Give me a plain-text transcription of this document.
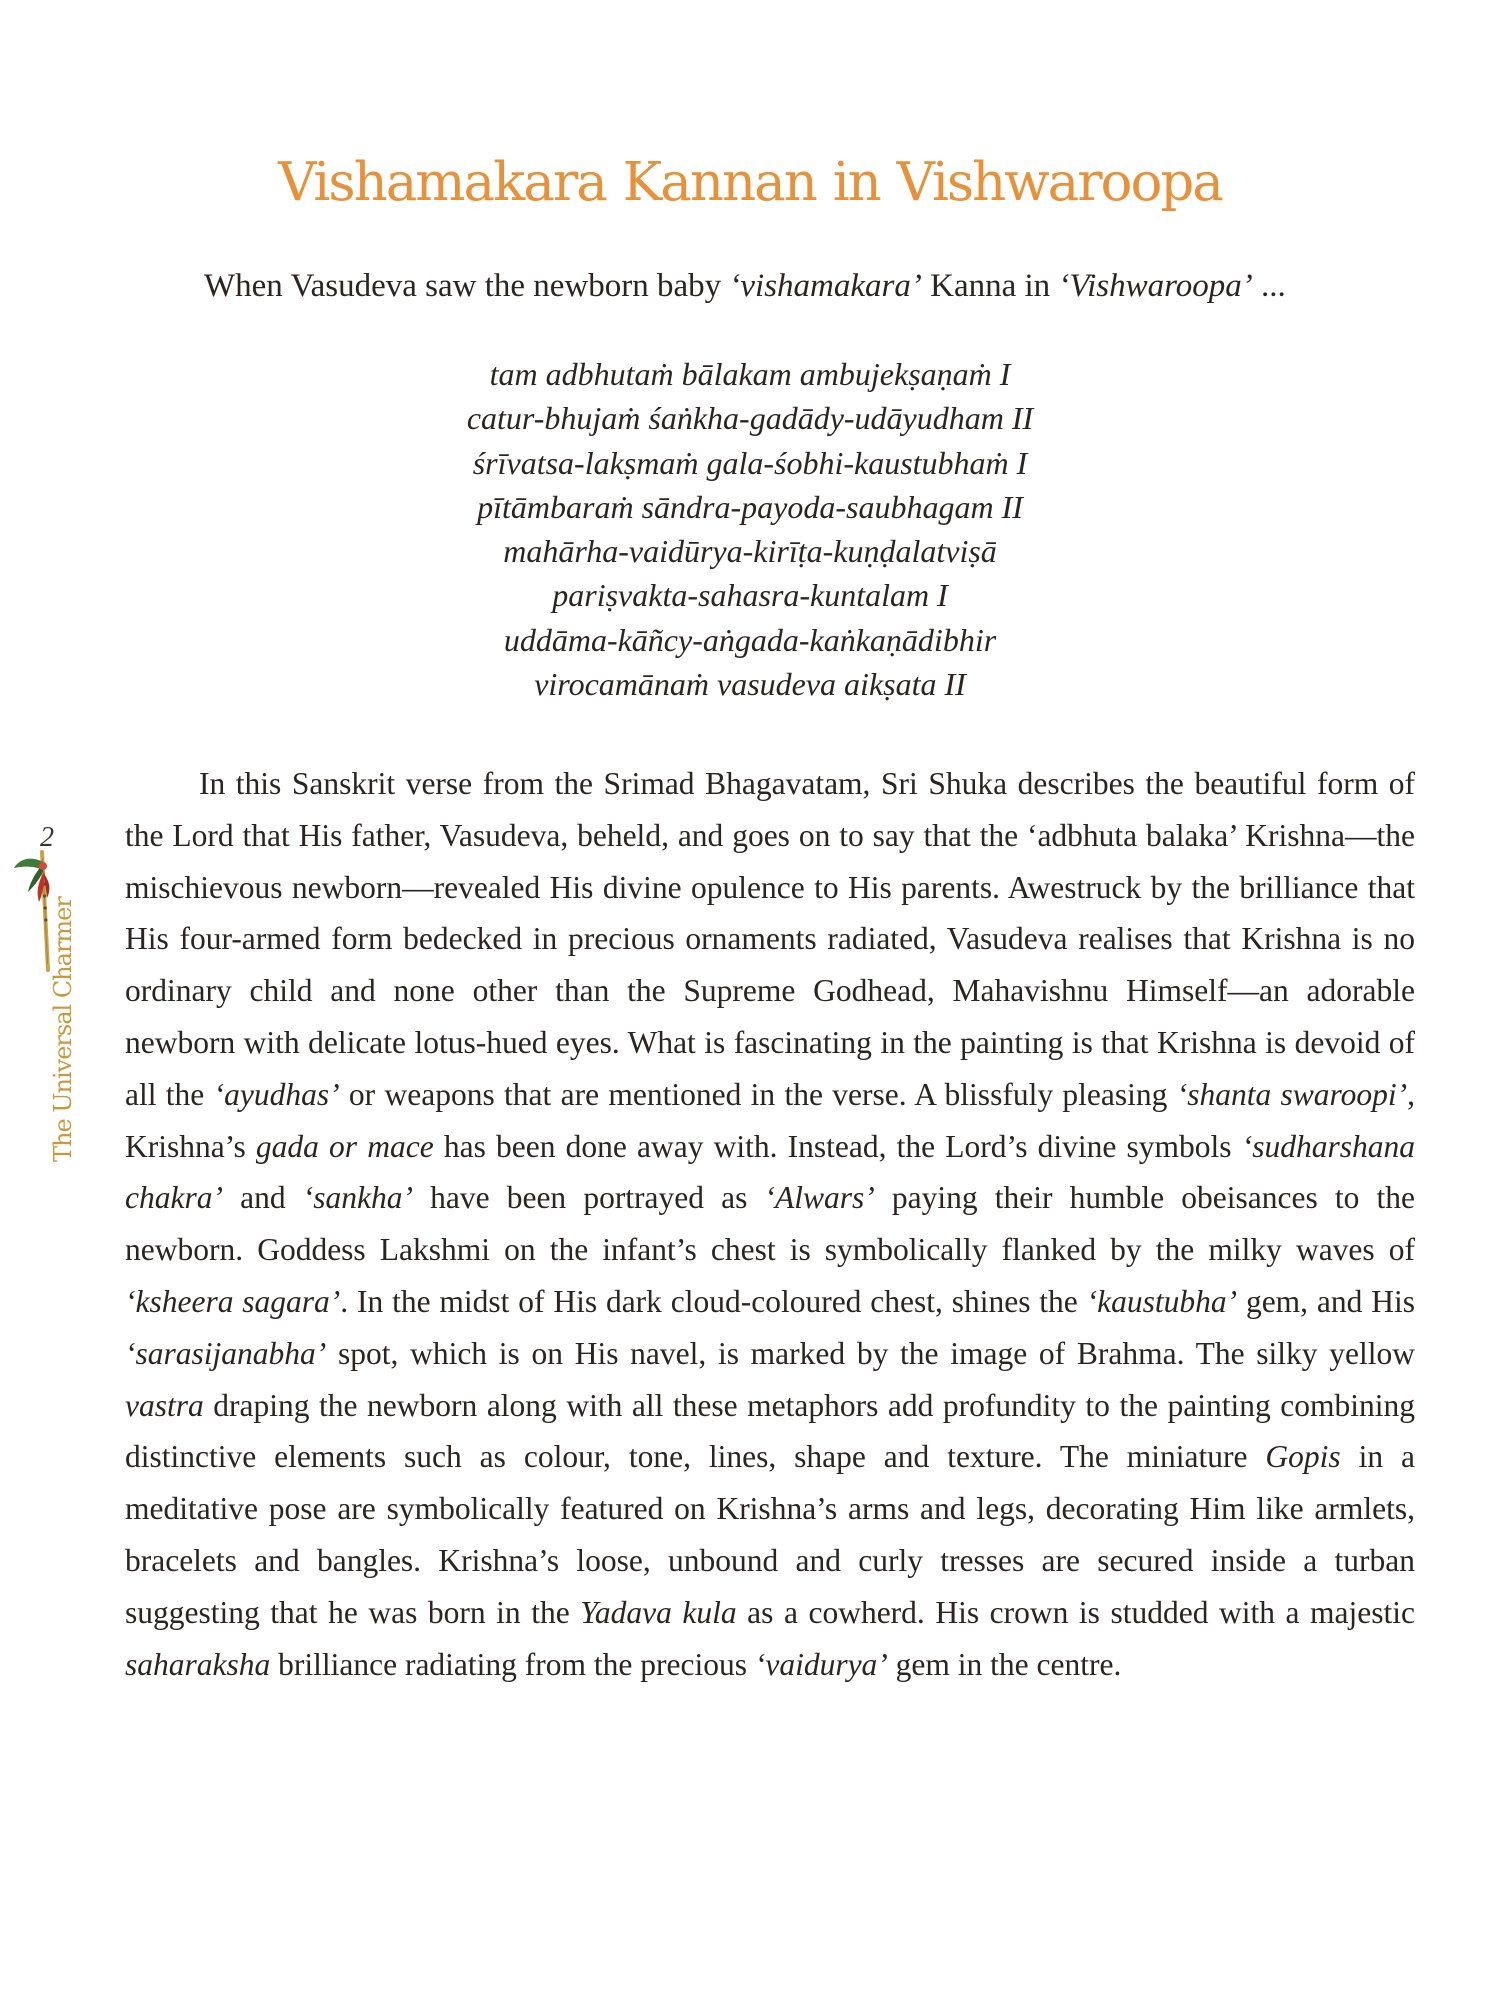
Vishamakara Kannan in Vishwaroopa

When Vasudeva saw the newborn baby ‘vishamakara’ Kanna in ‘Vishwaroopa’ ...

tam adbhutaṁ bālakam ambujekṣaṇaṁ I
catur-bhujaṁ śaṅkha-gadādy-udāyudham II
śrīvatsa-lakṣmaṁ gala-śobhi-kaustubhaṁ I
pītāmbaraṁ sāndra-payoda-saubhagam II
mahārha-vaidūrya-kirīṭa-kuṇḍalatviṣā
pariṣvakta-sahasra-kuntalam I
uddāma-kāñcy-aṅgada-kaṅkaṇādibhir
virocamānaṁ vasudeva aikṣata II

In this Sanskrit verse from the Srimad Bhagavatam, Sri Shuka describes the beautiful form of the Lord that His father, Vasudeva, beheld, and goes on to say that the ‘adbhuta balaka’ Krishna—the mischievous newborn—revealed His divine opulence to His parents. Awestruck by the brilliance that His four-armed form bedecked in precious ornaments radiated, Vasudeva realises that Krishna is no ordinary child and none other than the Supreme Godhead, Mahavishnu Himself—an adorable newborn with delicate lotus-hued eyes. What is fascinating in the painting is that Krishna is devoid of all the ‘ayudhas’ or weapons that are mentioned in the verse. A blissfuly pleasing ‘shanta swaroopi’, Krishna’s gada or mace has been done away with. Instead, the Lord’s divine symbols ‘sudharshana chakra’ and ‘sankha’ have been portrayed as ‘Alwars’ paying their humble obeisances to the newborn. Goddess Lakshmi on the infant’s chest is symbolically flanked by the milky waves of ‘ksheera sagara’. In the midst of His dark cloud-coloured chest, shines the ‘kaustubha’ gem, and His ‘sarasijanabha’ spot, which is on His navel, is marked by the image of Brahma. The silky yellow vastra draping the newborn along with all these metaphors add profundity to the painting combining distinctive elements such as colour, tone, lines, shape and texture. The miniature Gopis in a meditative pose are symbolically featured on Krishna’s arms and legs, decorating Him like armlets, bracelets and bangles. Krishna’s loose, unbound and curly tresses are secured inside a turban suggesting that he was born in the Yadava kula as a cowherd. His crown is studded with a majestic saharaksha brilliance radiating from the precious ‘vaidurya’ gem in the centre.

2
The Universal Charmer
